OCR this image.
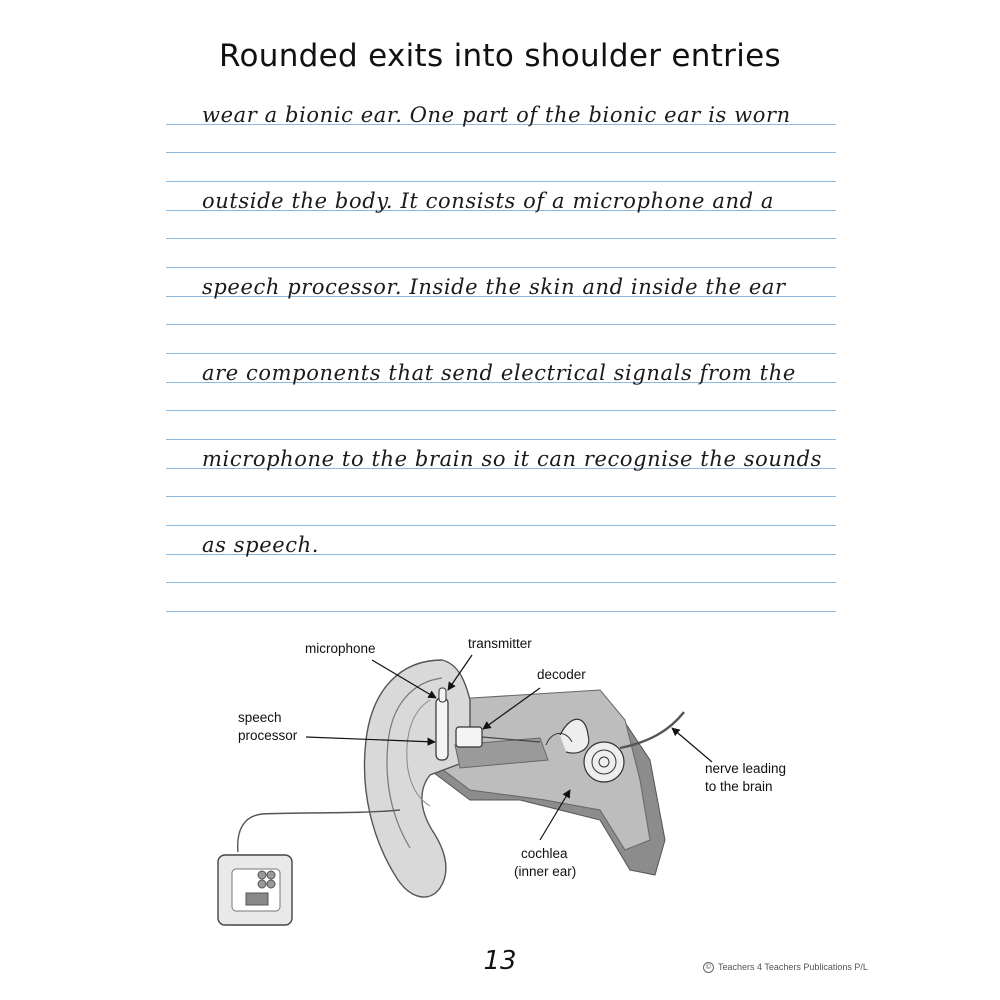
Rounded exits into shoulder entries
wear a bionic ear. One part of the bionic ear is worn
outside the body. It consists of a microphone and a
speech processor. Inside the skin and inside the ear
are components that send electrical signals from the
microphone to the brain so it can recognise the sounds
as speech.
microphone	transmitter
decoder
speech
processor
nerve leading
to the brain
cochlea
(inner ear)
13	© Teachers 4 Teachers Publications P/L
